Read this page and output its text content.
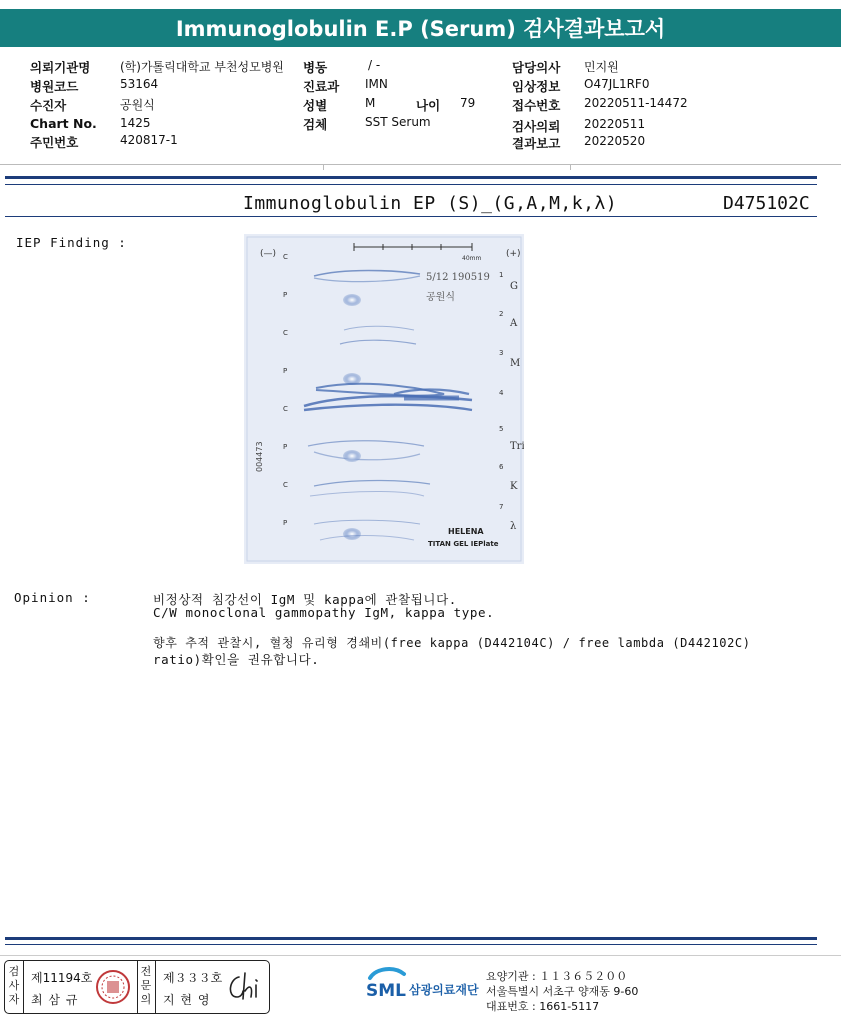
Immunoglobulin E.P (Serum) 검사결과보고서
의뢰기관명 (학)가톨릭대학교 부천성모병원
병원코드	53164
수진자	공원식
Chart No. 1425
주민번호	420817-1
병동	/ -
진료과 IMN
성별	M	나이 79
검체	SST Serum
담당의사 민지원
임상정보 O47JL1RF0
접수번호 20220511-14472
검사의뢰 20220511
결과보고 20220520
Immunoglobulin EP (S)_(G,A,M,k,λ)	D475102C
IEP Finding :
40mm
(—)	(+)
5/12 190519
공원식
004473
HELENA
TITAN GEL IEPlate
C
P
C
P
C
P
C
P
1
2
3
4
5
6
7
G
A
M
Tri
K
λ
Opinion :	비정상적 침강선이 IgM 및 kappa에 관찰됩니다.
C/W monoclonal gammopathy IgM, kappa type.
향후 추적 관찰시, 혈청 유리형 경쇄비(free kappa (D442104C) / free lambda (D442102C)
ratio)확인을 권유합니다.
검
사
자
제11194호
최 삼 규
전
문
의
제３３３호
지 현 영	SML 삼광의료재단
요양기관 : １１３６５２００
서울특별시 서초구 양재동 9-60
대표번호 : 1661-5117
